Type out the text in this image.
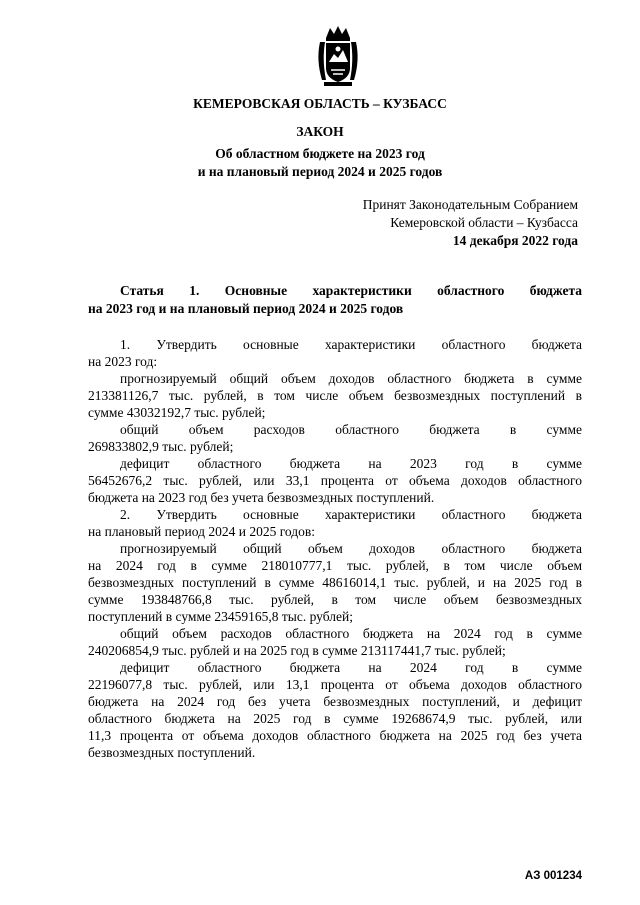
КЕМЕРОВСКАЯ ОБЛАСТЬ – КУЗБАСС
ЗАКОН
Об областном бюджете на 2023 год
и на плановый период 2024 и 2025 годов
Принят Законодательным Собранием
Кемеровской области – Кузбасса
14 декабря 2022 года
Статья 1. Основные характеристики областного бюджета
на 2023 год и на плановый период 2024 и 2025 годов
1. Утвердить основные характеристики областного бюджета
на 2023 год:
прогнозируемый общий объем доходов областного бюджета в сумме
213381126,7 тыс. рублей, в том числе объем безвозмездных поступлений в
сумме 43032192,7 тыс. рублей;
общий объем расходов областного бюджета в сумме
269833802,9 тыс. рублей;
дефицит областного бюджета на 2023 год в сумме
56452676,2 тыс. рублей, или 33,1 процента от объема доходов областного
бюджета на 2023 год без учета безвозмездных поступлений.
2. Утвердить основные характеристики областного бюджета
на плановый период 2024 и 2025 годов:
прогнозируемый общий объем доходов областного бюджета
на 2024 год в сумме 218010777,1 тыс. рублей, в том числе объем
безвозмездных поступлений в сумме 48616014,1 тыс. рублей, и на 2025 год в
сумме 193848766,8 тыс. рублей, в том числе объем безвозмездных
поступлений в сумме 23459165,8 тыс. рублей;
общий объем расходов областного бюджета на 2024 год в сумме
240206854,9 тыс. рублей и на 2025 год в сумме 213117441,7 тыс. рублей;
дефицит областного бюджета на 2024 год в сумме
22196077,8 тыс. рублей, или 13,1 процента от объема доходов областного
бюджета на 2024 год без учета безвозмездных поступлений, и дефицит
областного бюджета на 2025 год в сумме 19268674,9 тыс. рублей, или
11,3 процента от объема доходов областного бюджета на 2025 год без учета
безвозмездных поступлений.
АЗ 001234
